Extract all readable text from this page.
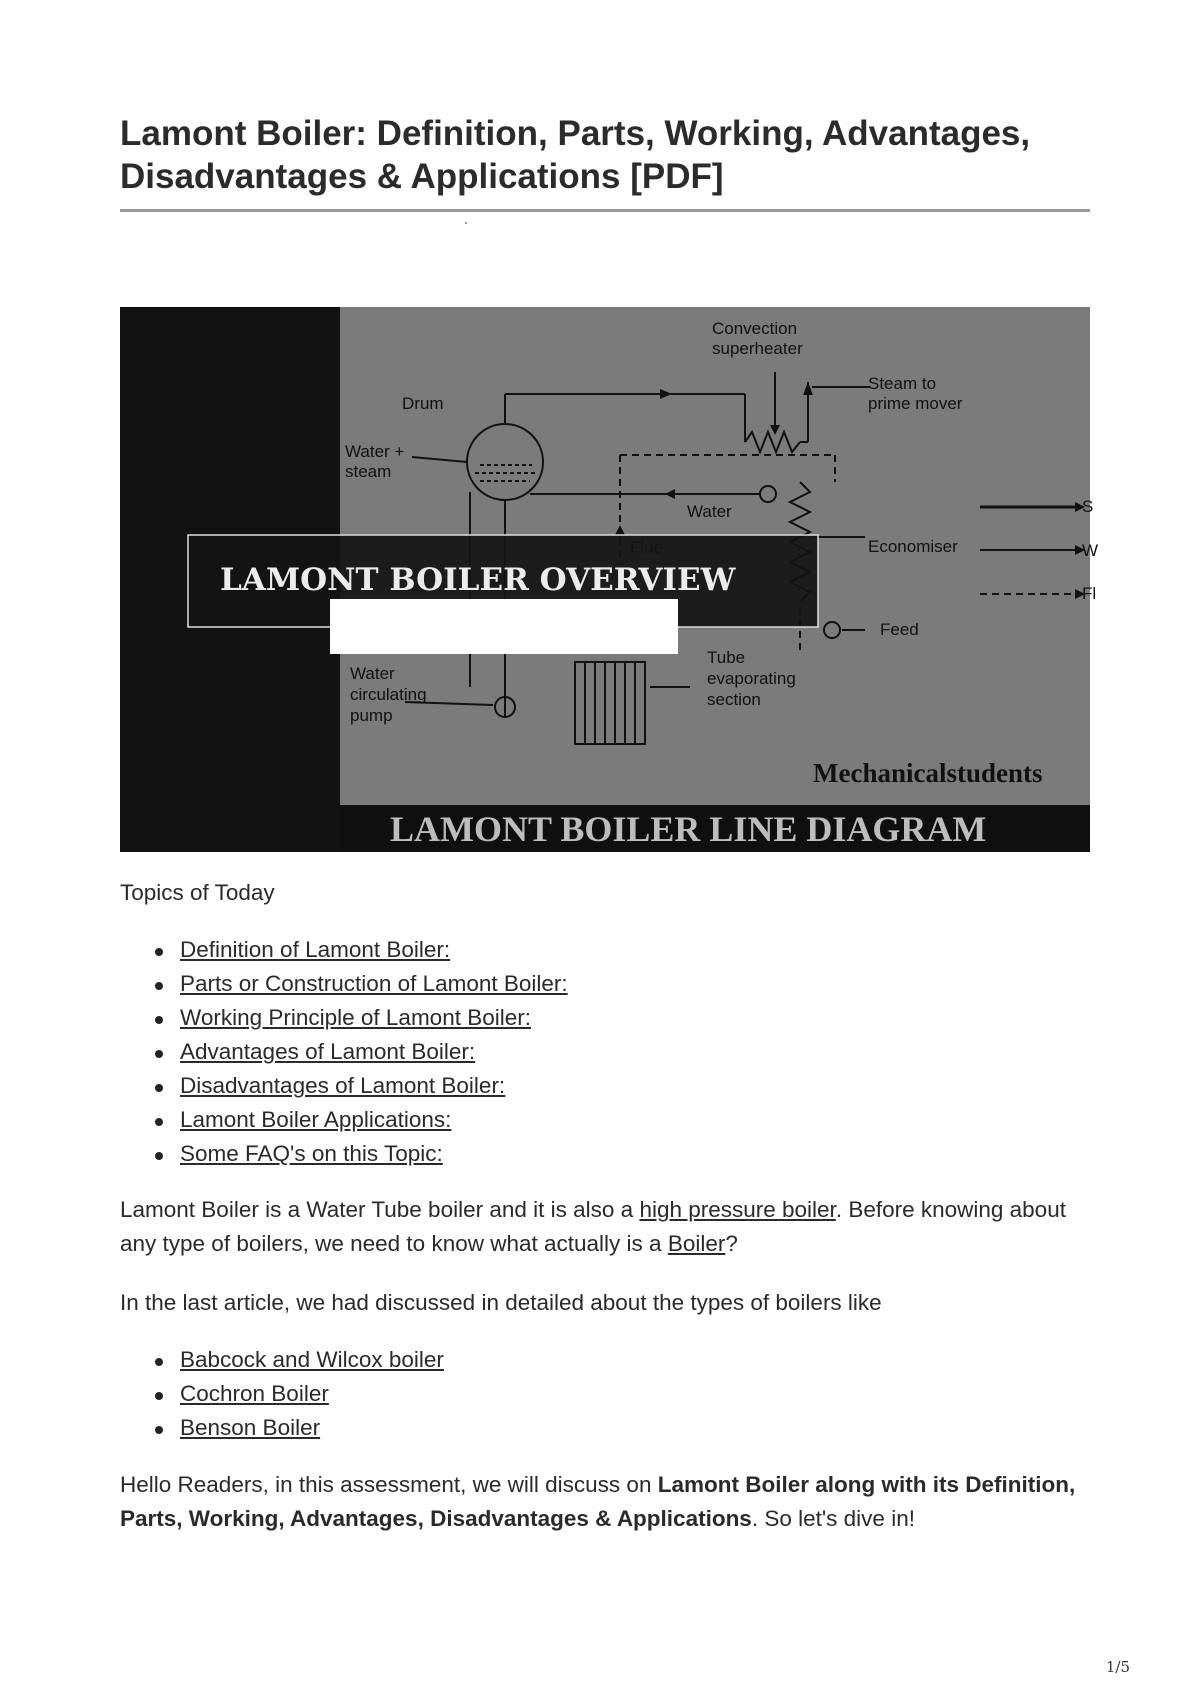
Lamont Boiler: Definition, Parts, Working, Advantages, Disadvantages & Applications [PDF]
Convection
superheater
Steam to
prime mover
Drum
Water +
steam
Water
Economiser
Feed
Water
circulating
pump
Tube
evaporating
section
S
W
Fl
Mechanicalstudents
LAMONT BOILER LINE DIAGRAM
LAMONT BOILER OVERVIEW
Topics of Today
Definition of Lamont Boiler:
Parts or Construction of Lamont Boiler:
Working Principle of Lamont Boiler:
Advantages of Lamont Boiler:
Disadvantages of Lamont Boiler:
Lamont Boiler Applications:
Some FAQ's on this Topic:

Lamont Boiler is a Water Tube boiler and it is also a high pressure boiler. Before knowing about any type of boilers, we need to know what actually is a Boiler?

In the last article, we had discussed in detailed about the types of boilers like

Babcock and Wilcox boiler
Cochron Boiler
Benson Boiler

Hello Readers, in this assessment, we will discuss on Lamont Boiler along with its Definition, Parts, Working, Advantages, Disadvantages & Applications. So let's dive in!

1/5
